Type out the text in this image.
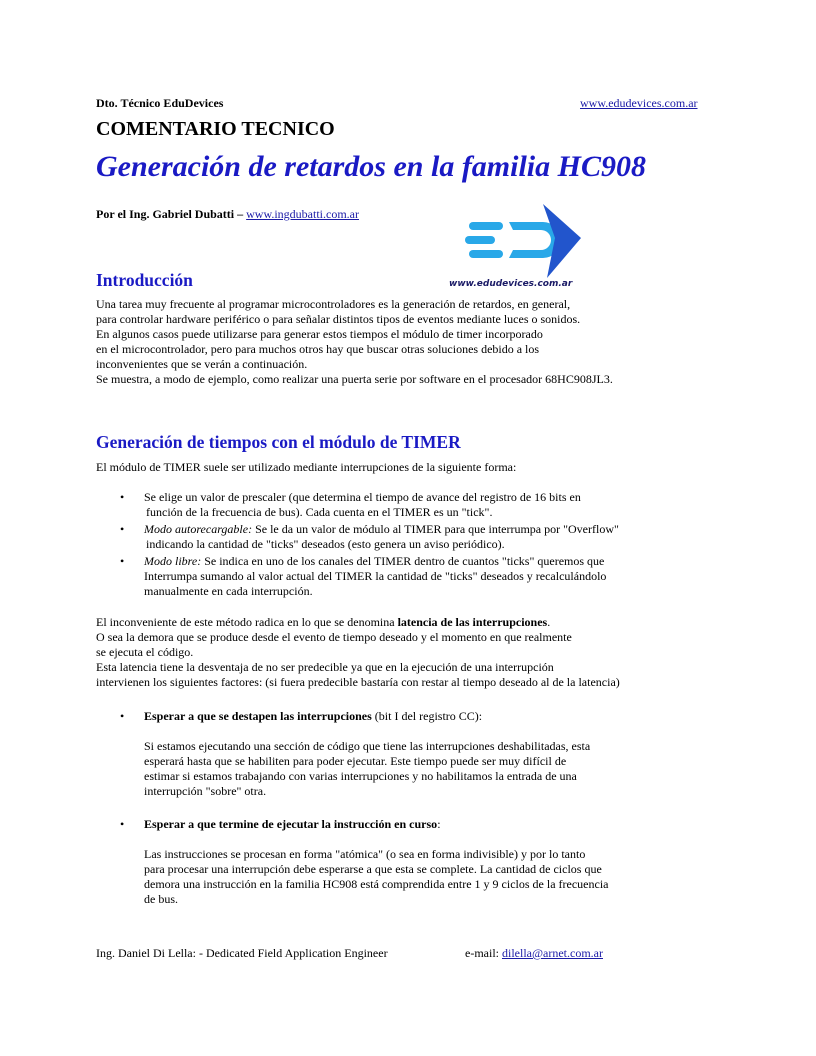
Dto. Técnico EduDevices	www.edudevices.com.ar
COMENTARIO TECNICO
Generación de retardos en la familia HC908
Por el Ing. Gabriel Dubatti – www.ingdubatti.com.ar
www.edudevices.com.ar
Introducción
Una tarea muy frecuente al programar microcontroladores es la generación de retardos, en general,
para controlar hardware periférico o para señalar distintos tipos de eventos mediante luces o sonidos.
En algunos casos puede utilizarse para generar estos tiempos el módulo de timer incorporado
en el microcontrolador, pero para muchos otros hay que buscar otras soluciones debido a los
inconvenientes que se verán a continuación.
Se muestra, a modo de ejemplo, como realizar una puerta serie por software en el procesador 68HC908JL3.
Generación de tiempos con el módulo de TIMER
El módulo de TIMER suele ser utilizado mediante interrupciones de la siguiente forma:
• Se elige un valor de prescaler (que determina el tiempo de avance del registro de 16 bits en
función de la frecuencia de bus). Cada cuenta en el TIMER es un "tick".
• Modo autorecargable: Se le da un valor de módulo al TIMER para que interrumpa por "Overflow"
indicando la cantidad de "ticks" deseados (esto genera un aviso periódico).
• Modo libre: Se indica en uno de los canales del TIMER dentro de cuantos "ticks" queremos que
Interrumpa sumando al valor actual del TIMER la cantidad de "ticks" deseados y recalculándolo
manualmente en cada interrupción.
El inconveniente de este método radica en lo que se denomina latencia de las interrupciones.
O sea la demora que se produce desde el evento de tiempo deseado y el momento en que realmente
se ejecuta el código.
Esta latencia tiene la desventaja de no ser predecible ya que en la ejecución de una interrupción
intervienen los siguientes factores: (si fuera predecible bastaría con restar al tiempo deseado al de la latencia)
• Esperar a que se destapen las interrupciones (bit I del registro CC):
Si estamos ejecutando una sección de código que tiene las interrupciones deshabilitadas, esta
esperará hasta que se habiliten para poder ejecutar. Este tiempo puede ser muy difícil de
estimar si estamos trabajando con varias interrupciones y no habilitamos la entrada de una
interrupción "sobre" otra.
• Esperar a que termine de ejecutar la instrucción en curso:
Las instrucciones se procesan en forma "atómica" (o sea en forma indivisible) y por lo tanto
para procesar una interrupción debe esperarse a que esta se complete. La cantidad de ciclos que
demora una instrucción en la familia HC908 está comprendida entre 1 y 9 ciclos de la frecuencia
de bus.
Ing. Daniel Di Lella: - Dedicated Field Application Engineer	e-mail: dilella@arnet.com.ar
